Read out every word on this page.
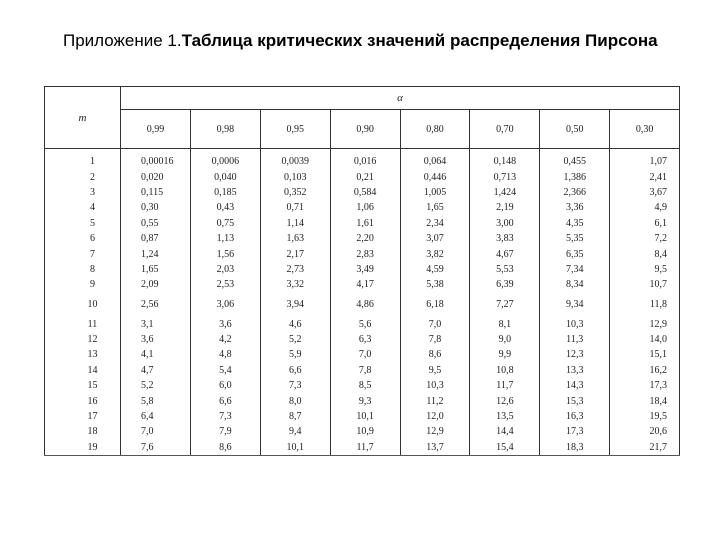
Приложение 1.Таблица критических значений распределения Пирсона
m	α							
	0,99	0,98	0,95	0,90	0,80	0,70	0,50	0,30

1	0,00016	0,0006	0,0039	0,016	0,064	0,148	0,455	1,07
2	0,020	0,040	0,103	0,21	0,446	0,713	1,386	2,41
3	0,115	0,185	0,352	0,584	1,005	1,424	2,366	3,67
4	0,30	0,43	0,71	1,06	1,65	2,19	3,36	4,9
5	0,55	0,75	1,14	1,61	2,34	3,00	4,35	6,1
6	0,87	1,13	1,63	2,20	3,07	3,83	5,35	7,2
7	1,24	1,56	2,17	2,83	3,82	4,67	6,35	8,4
8	1,65	2,03	2,73	3,49	4,59	5,53	7,34	9,5
9	2,09	2,53	3,32	4,17	5,38	6,39	8,34	10,7
10	2,56	3,06	3,94	4,86	6,18	7,27	9,34	11,8
11	3,1	3,6	4,6	5,6	7,0	8,1	10,3	12,9
12	3,6	4,2	5,2	6,3	7,8	9,0	11,3	14,0
13	4,1	4,8	5,9	7,0	8,6	9,9	12,3	15,1
14	4,7	5,4	6,6	7,8	9,5	10,8	13,3	16,2
15	5,2	6,0	7,3	8,5	10,3	11,7	14,3	17,3
16	5,8	6,6	8,0	9,3	11,2	12,6	15,3	18,4
17	6,4	7,3	8,7	10,1	12,0	13,5	16,3	19,5
18	7,0	7,9	9,4	10,9	12,9	14,4	17,3	20,6
19	7,6	8,6	10,1	11,7	13,7	15,4	18,3	21,7
